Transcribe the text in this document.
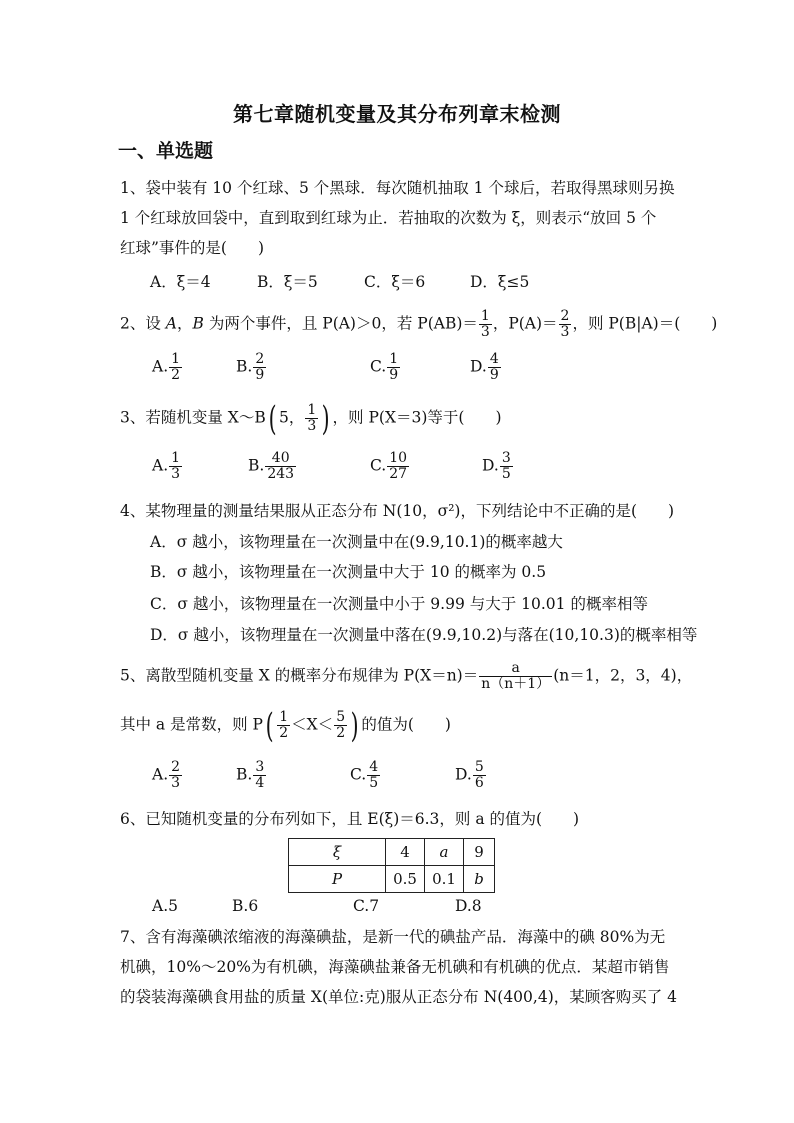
第七章随机变量及其分布列章末检测
一、单选题
1、袋中装有 10 个红球、5 个黑球．每次随机抽取 1 个球后，若取得黑球则另换
1 个红球放回袋中，直到取到红球为止．若抽取的次数为 ξ，则表示“放回 5 个
红球”事件的是(　　)
A．ξ＝4	B．ξ＝5	C．ξ＝6	D．ξ≤5
2、设 A，B 为两个事件，且 P(A)＞0，若 $P(AB)= \frac{1}{3}$ ，$P(A)= \frac{2}{3}$ ，则 P(B|A)＝(　　)
A. $\frac{1}{2}$	B. $\frac{2}{9}$	C. $\frac{1}{9}$	D. $\frac{4}{9}$
3、若随机变量 X～B( 5， $\frac{1}{3}$ ) ，则 P(X＝3)等于(　　)
A. $\frac{1}{3}$	B. $\frac{40}{243}$	C. $\frac{10}{27}$	D. $\frac{3}{5}$
4、某物理量的测量结果服从正态分布 N(10，σ²)，下列结论中不正确的是(　　)
A．σ 越小，该物理量在一次测量中在(9.9,10.1)的概率越大
B．σ 越小，该物理量在一次测量中大于 10 的概率为 0.5
C．σ 越小，该物理量在一次测量中小于 9.99 与大于 10.01 的概率相等
D．σ 越小，该物理量在一次测量中落在(9.9,10.2)与落在(10,10.3)的概率相等
5、离散型随机变量 X 的概率分布规律为 $P(X=n)= \frac{a}{n(n+1)} (n=1$，2，3，4)，
其中 a 是常数，则 $P( \frac{1}{2} <X< \frac{5}{2}$ ) 的值为(　　)
A. $\frac{2}{3}$	B. $\frac{3}{4}$	C. $\frac{4}{5}$	D. $\frac{5}{6}$
6、已知随机变量的分布列如下，且 E(ξ)＝6.3，则 a 的值为(　　)
ξ	4	a	9
P	0.5	0.1	b
A.5	B.6	C.7	D.8
7、含有海藻碘浓缩液的海藻碘盐，是新一代的碘盐产品．海藻中的碘 80%为无
机碘，10%～20%为有机碘，海藻碘盐兼备无机碘和有机碘的优点．某超市销售
的袋装海藻碘食用盐的质量 X(单位:克)服从正态分布 N(400,4)，某顾客购买了 4
